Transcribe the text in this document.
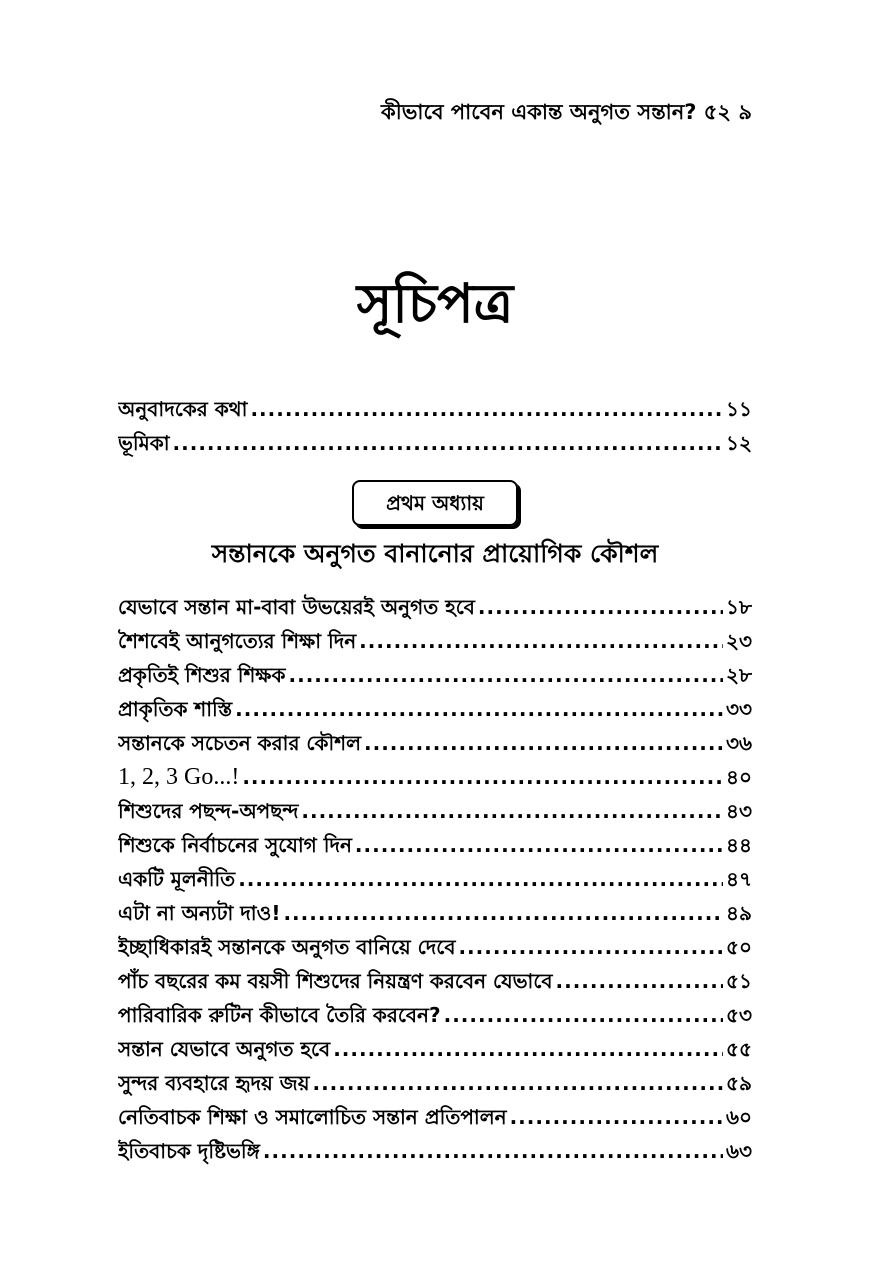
কীভাবে পাবেন একান্ত অনুগত সন্তান? ৫২ ৯
সূচিপত্র
অনুবাদকের কথা .....	১১
ভূমিকা .....	১২
প্রথম অধ্যায়
সন্তানকে অনুগত বানানোর প্রায়োগিক কৌশল
যেভাবে সন্তান মা-বাবা উভয়েরই অনুগত হবে .....	১৮
শৈশবেই আনুগত্যের শিক্ষা দিন .....	২৩
প্রকৃতিই শিশুর শিক্ষক .....	২৮
প্রাকৃতিক শাস্তি .....	৩৩
সন্তানকে সচেতন করার কৌশল .....	৩৬
1, 2, 3 Go...! .....	৪০
শিশুদের পছন্দ-অপছন্দ .....	৪৩
শিশুকে নির্বাচনের সুযোগ দিন .....	৪৪
একটি মূলনীতি .....	৪৭
এটা না অন্যটা দাও! .....	৪৯
ইচ্ছাধিকারই সন্তানকে অনুগত বানিয়ে দেবে .....	৫০
পাঁচ বছরের কম বয়সী শিশুদের নিয়ন্ত্রণ করবেন যেভাবে .....	৫১
পারিবারিক রুটিন কীভাবে তৈরি করবেন? .....	৫৩
সন্তান যেভাবে অনুগত হবে .....	৫৫
সুন্দর ব্যবহারে হৃদয় জয় .....	৫৯
নেতিবাচক শিক্ষা ও সমালোচিত সন্তান প্রতিপালন .....	৬০
ইতিবাচক দৃষ্টিভঙ্গি .....	৬৩
